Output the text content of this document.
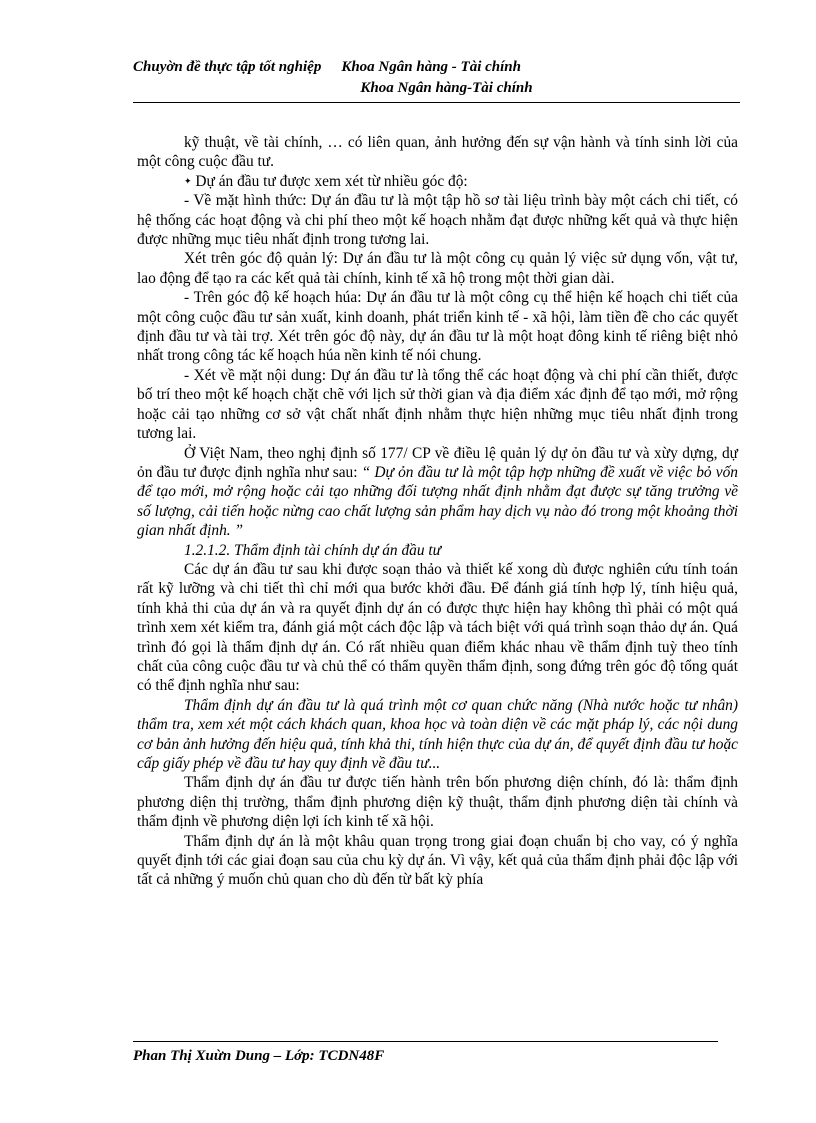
Chuyờn đề thực tập tốt nghiệp Khoa Ngân hàng - Tài chính
Khoa Ngân hàng-Tài chính

kỹ thuật, về tài chính, … có liên quan, ảnh hưởng đến sự vận hành và tính sinh lời của một công cuộc đầu tư.

✦ Dự án đầu tư được xem xét từ nhiều góc độ:

- Về mặt hình thức: Dự án đầu tư là một tập hồ sơ tài liệu trình bày một cách chi tiết, có hệ thống các hoạt động và chi phí theo một kế hoạch nhằm đạt được những kết quả và thực hiện được những mục tiêu nhất định trong tương lai.

Xét trên góc độ quản lý: Dự án đầu tư là một công cụ quản lý việc sử dụng vốn, vật tư, lao động để tạo ra các kết quả tài chính, kinh tế xã hộ trong một thời gian dài.

- Trên góc độ kế hoạch húa: Dự án đầu tư là một công cụ thể hiện kế hoạch chi tiết của một công cuộc đầu tư sản xuất, kinh doanh, phát triển kinh tế - xã hội, làm tiền đề cho các quyết định đầu tư và tài trợ. Xét trên góc độ này, dự án đầu tư là một hoạt đông kinh tế riêng biệt nhỏ nhất trong công tác kế hoạch húa nền kinh tế nói chung.

- Xét về mặt nội dung: Dự án đầu tư là tổng thể các hoạt động và chi phí cần thiết, được bố trí theo một kế hoạch chặt chẽ với lịch sử thời gian và địa điểm xác định để tạo mới, mở rộng hoặc cải tạo những cơ sở vật chất nhất định nhằm thực hiện những mục tiêu nhất định trong tương lai.

Ở Việt Nam, theo nghị định số 177/ CP về điều lệ quản lý dự ỏn đầu tư và xừy dựng, dự ỏn đầu tư được định nghĩa như sau: “ Dự ỏn đầu tư là một tập hợp những đề xuất về việc bỏ vốn để tạo mới, mở rộng hoặc cải tạo những đối tượng nhất định nhằm đạt được sự tăng trưởng về số lượng, cải tiến hoặc nừng cao chất lượng sản phẩm hay dịch vụ nào đó trong một khoảng thời gian nhất định. ”

1.2.1.2. Thẩm định tài chính dự án đầu tư

Các dự án đầu tư sau khi được soạn thảo và thiết kế xong dù được nghiên cứu tính toán rất kỹ lưỡng và chi tiết thì chỉ mới qua bước khởi đầu. Để đánh giá tính hợp lý, tính hiệu quả, tính khả thi của dự án và ra quyết định dự án có được thực hiện hay không thì phải có một quá trình xem xét kiểm tra, đánh giá một cách độc lập và tách biệt với quá trình soạn thảo dự án. Quá trình đó gọi là thẩm định dự án. Có rất nhiều quan điểm khác nhau về thẩm định tuỳ theo tính chất của công cuộc đầu tư và chủ thể có thẩm quyền thẩm định, song đứng trên góc độ tổng quát có thể định nghĩa như sau:

Thẩm định dự án đầu tư là quá trình một cơ quan chức năng (Nhà nước hoặc tư nhân) thẩm tra, xem xét một cách khách quan, khoa học và toàn diện về các mặt pháp lý, các nội dung cơ bản ảnh hưởng đến hiệu quả, tính khả thi, tính hiện thực của dự án, để quyết định đầu tư hoặc cấp giấy phép về đầu tư hay quy định về đầu tư...

Thẩm định dự án đầu tư được tiến hành trên bốn phương diện chính, đó là: thẩm định phương diện thị trường, thẩm định phương diện kỹ thuật, thẩm định phương diện tài chính và thẩm định về phương diện lợi ích kinh tế xã hội.

Thẩm định dự án là một khâu quan trọng trong giai đoạn chuẩn bị cho vay, có ý nghĩa quyết định tới các giai đoạn sau của chu kỳ dự án. Vì vậy, kết quả của thẩm định phải độc lập với tất cả những ý muốn chủ quan cho dù đến từ bất kỳ phía

Phan Thị Xuừn Dung – Lớp: TCDN48F
